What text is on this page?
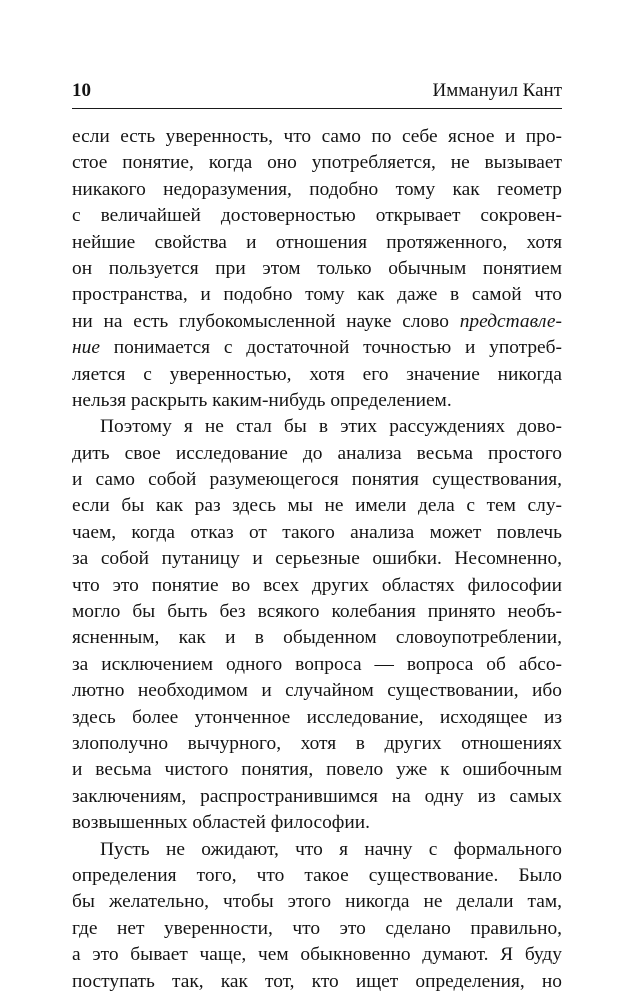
10	Иммануил Кант
если есть уверенность, что само по себе ясное и про-
стое понятие, когда оно употребляется, не вызывает
никакого недоразумения, подобно тому как геометр
с величайшей достоверностью открывает сокровен-
нейшие свойства и отношения протяженного, хотя
он пользуется при этом только обычным понятием
пространства, и подобно тому как даже в самой что
ни на есть глубокомысленной науке слово представле-
ние понимается с достаточной точностью и употреб-
ляется с уверенностью, хотя его значение никогда
нельзя раскрыть каким-нибудь определением.
Поэтому я не стал бы в этих рассуждениях дово-
дить свое исследование до анализа весьма простого
и само собой разумеющегося понятия существования,
если бы как раз здесь мы не имели дела с тем слу-
чаем, когда отказ от такого анализа может повлечь
за собой путаницу и серьезные ошибки. Несомненно,
что это понятие во всех других областях философии
могло бы быть без всякого колебания принято необъ-
ясненным, как и в обыденном словоупотреблении,
за исключением одного вопроса — вопроса об абсо-
лютно необходимом и случайном существовании, ибо
здесь более утонченное исследование, исходящее из
злополучно вычурного, хотя в других отношениях
и весьма чистого понятия, повело уже к ошибочным
заключениям, распространившимся на одну из самых
возвышенных областей философии.
Пусть не ожидают, что я начну с формального
определения того, что такое существование. Было
бы желательно, чтобы этого никогда не делали там,
где нет уверенности, что это сделано правильно,
а это бывает чаще, чем обыкновенно думают. Я буду
поступать так, как тот, кто ищет определения, но
